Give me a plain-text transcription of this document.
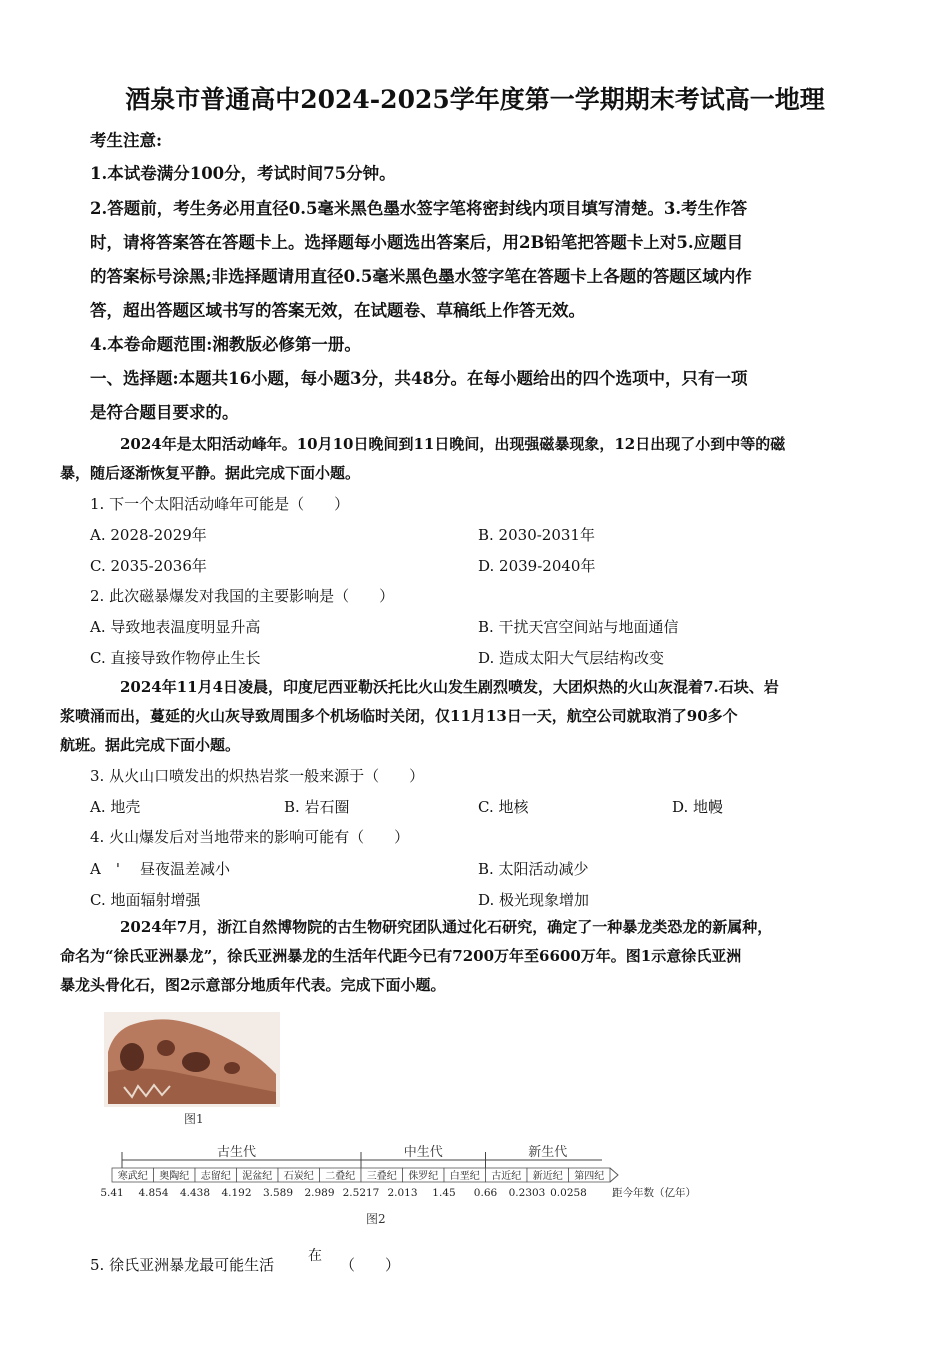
酒泉市普通高中2024-2025学年度第一学期期末考试高一地理
考生注意:
1.本试卷满分100分，考试时间75分钟。
2.答题前，考生务必用直径0.5毫米黑色墨水签字笔将密封线内项目填写清楚。3.考生作答
时，请将答案答在答题卡上。选择题每小题选出答案后，用2B铅笔把答题卡上对5.应题目
的答案标号涂黑;非选择题请用直径0.5毫米黑色墨水签字笔在答题卡上各题的答题区域内作
答，超出答题区域书写的答案无效，在试题卷、草稿纸上作答无效。
4.本卷命题范围:湘教版必修第一册。
一、选择题:本题共16小题，每小题3分，共48分。在每小题给出的四个选项中，只有一项
是符合题目要求的。
2024年是太阳活动峰年。10月10日晚间到11日晚间，出现强磁暴现象，12日出现了小到中等的磁
暴，随后逐渐恢复平静。据此完成下面小题。
1. 下一个太阳活动峰年可能是（　　）
A. 2028-2029年	B. 2030-2031年
C. 2035-2036年	D. 2039-2040年
2. 此次磁暴爆发对我国的主要影响是（　　）
A. 导致地表温度明显升高	B. 干扰天宫空间站与地面通信
C. 直接导致作物停止生长	D. 造成太阳大气层结构改变
2024年11月4日凌晨，印度尼西亚勒沃托比火山发生剧烈喷发，大团炽热的火山灰混着7.石块、岩
浆喷涌而出，蔓延的火山灰导致周围多个机场临时关闭，仅11月13日一天，航空公司就取消了90多个
航班。据此完成下面小题。
3. 从火山口喷发出的炽热岩浆一般来源于（　　）
A. 地壳	B. 岩石圈	C. 地核	D. 地幔
4. 火山爆发后对当地带来的影响可能有（　　）
A　' 昼夜温差减小	B. 太阳活动减少
C. 地面辐射增强	D. 极光现象增加
2024年7月，浙江自然博物院的古生物研究团队通过化石研究，确定了一种暴龙类恐龙的新属种，
命名为“徐氏亚洲暴龙”，徐氏亚洲暴龙的生活年代距今已有7200万年至6600万年。图1示意徐氏亚洲
暴龙头骨化石，图2示意部分地质年代表。完成下面小题。
图1
古生代	中生代	新生代
寒武纪 奥陶纪 志留纪 泥盆纪 石炭纪 二叠纪 三叠纪 侏罗纪 白垩纪 古近纪 新近纪 第四纪
5.41 4.854 4.438 4.192 3.589 2.989 2.5217 2.013 1.45 0.66 0.2303 0.0258 距今年数（亿年）
图2
5. 徐氏亚洲暴龙最可能生活 在 （　　）
